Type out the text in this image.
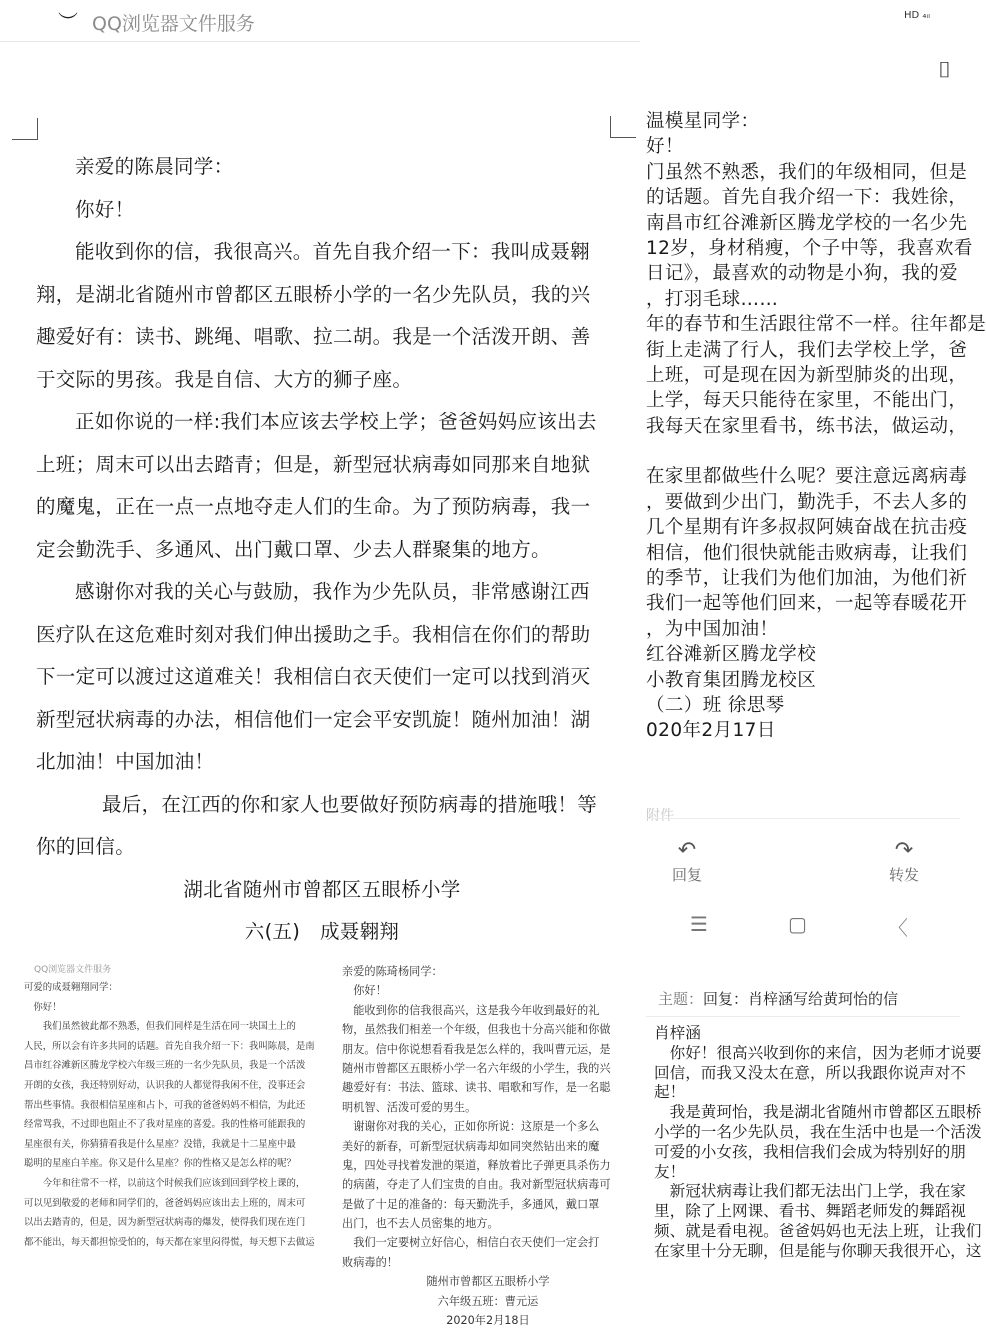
︶ QQ浏览器文件服务

亲爱的陈晨同学：

你好！

能收到你的信，我很高兴。首先自我介绍一下：我叫成聂翱翔，是湖北省随州市曾都区五眼桥小学的一名少先队员，我的兴趣爱好有：读书、跳绳、唱歌、拉二胡。我是一个活泼开朗、善于交际的男孩。我是自信、大方的狮子座。

正如你说的一样:我们本应该去学校上学；爸爸妈妈应该出去上班；周末可以出去踏青；但是，新型冠状病毒如同那来自地狱的魔鬼，正在一点一点地夺走人们的生命。为了预防病毒，我一定会勤洗手、多通风、出门戴口罩、少去人群聚集的地方。

感谢你对我的关心与鼓励，我作为少先队员，非常感谢江西医疗队在这危难时刻对我们伸出援助之手。我相信在你们的帮助下一定可以渡过这道难关！我相信白衣天使们一定可以找到消灭新型冠状病毒的办法，相信他们一定会平安凯旋！随州加油！湖北加油！中国加油！

最后，在江西的你和家人也要做好预防病毒的措施哦！等你的回信。

湖北省随州市曾都区五眼桥小学

六(五)　成聂翱翔

HD ₄ᵢₗ
⌷
温模星同学：
好！
门虽然不熟悉，我们的年级相同，但是
的话题。首先自我介绍一下：我姓徐，
南昌市红谷滩新区腾龙学校的一名少先
12岁，身材稍瘦，个子中等，我喜欢看
日记》，最喜欢的动物是小狗，我的爱
，打羽毛球……
年的春节和生活跟往常不一样。往年都是
街上走满了行人，我们去学校上学，爸
上班，可是现在因为新型肺炎的出现，
上学，每天只能待在家里，不能出门，
我每天在家里看书，练书法，做运动，
在家里都做些什么呢？要注意远离病毒
，要做到少出门，勤洗手，不去人多的
几个星期有许多叔叔阿姨奋战在抗击疫
相信，他们很快就能击败病毒，让我们
的季节，让我们为他们加油，为他们祈
我们一起等他们回来，一起等春暖花开
，为中国加油！
红谷滩新区腾龙学校
小教育集团腾龙校区
（二）班 徐思琴
020年2月17日
附件
↶
回复
↷
转发
☰	▢	〈
QQ浏览器文件服务
可爱的成聂翱翔同学：
　你好！
　　我们虽然彼此都不熟悉，但我们同样是生活在同一块国土上的
人民，所以会有许多共同的话题。首先自我介绍一下：我叫陈晨，是南
昌市红谷滩新区腾龙学校六年级三班的一名少先队员，我是一个活泼
开朗的女孩，我还特别好动，认识我的人都觉得我闲不住，没事还会
帮出些事情。我很相信星座和占卜，可我的爸爸妈妈不相信，为此还
经常骂我，不过即也阻止不了我对星座的喜爱。我的性格可能跟我的
星座很有关，你猜猜看我是什么星座？没错，我就是十二星座中最
聪明的星座白羊座。你又是什么星座？你的性格又是怎么样的呢？
　　今年和往常不一样，以前这个时候我们应该到回到学校上课的，
可以见到敬爱的老师和同学们的，爸爸妈妈应该出去上班的，周末可
以出去踏青的，但是，因为新型冠状病毒的爆发，使得我们现在连门
都不能出，每天都担惊受怕的，每天都在家里闷得慌，每天想下去做运
亲爱的陈琦杨同学：
　你好！
　能收到你的信我很高兴，这是我今年收到最好的礼
物，虽然我们相差一个年级，但我也十分高兴能和你做
朋友。信中你说想看看我是怎么样的，我叫曹元运，是
随州市曾都区五眼桥小学一名六年级的小学生，我的兴
趣爱好有：书法、篮球、读书、唱歌和写作，是一名聪
明机智、活泼可爱的男生。
　谢谢你对我的关心，正如你所说：这原是一个多么
美好的新春，可新型冠状病毒却如同突然钻出来的魔
鬼，四处寻找着发泄的渠道，释放着比子弹更具杀伤力
的病菌，夺走了人们宝贵的自由。我对新型冠状病毒可
是做了十足的准备的：每天勤洗手，多通风，戴口罩
出门，也不去人员密集的地方。
　我们一定要树立好信心，相信白衣天使们一定会打
败病毒的！
随州市曾都区五眼桥小学
六年级五班：曹元运
2020年2月18日
主题：回复：肖梓涵写给黄珂怡的信
肖梓涵
　你好！很高兴收到你的来信，因为老师才说要
回信，而我又没太在意，所以我跟你说声对不
起！
　我是黄珂怡，我是湖北省随州市曾都区五眼桥
小学的一名少先队员，我在生活中也是一个活泼
可爱的小女孩，我相信我们会成为特别好的朋
友！
　新冠状病毒让我们都无法出门上学，我在家
里，除了上网课、看书、舞蹈老师发的舞蹈视
频、就是看电视。爸爸妈妈也无法上班，让我们
在家里十分无聊，但是能与你聊天我很开心，这
